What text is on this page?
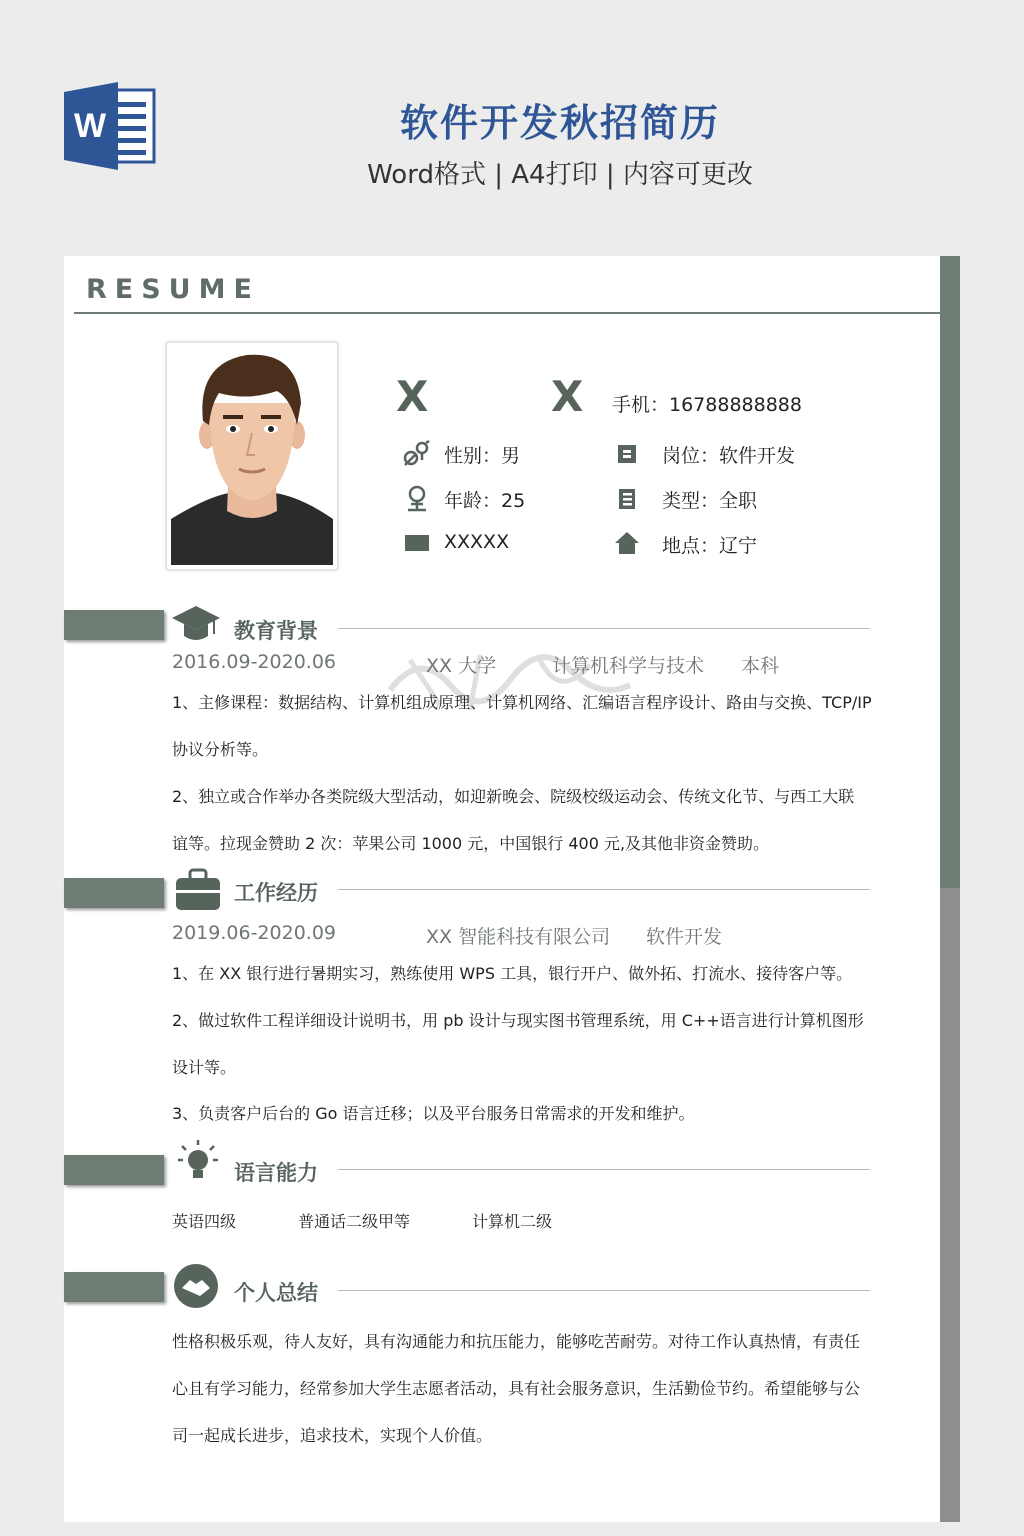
W	软件开发秋招简历
Word格式 | A4打印 | 内容可更改
RESUME
X X
手机：16788888888
性别：男	岗位：软件开发
年龄：25	类型：全职
XXXXX	地点：辽宁
教育背景
2016.09-2020.06	XX 大学	计算机科学与技术 本科
1、主修课程：数据结构、计算机组成原理、计算机网络、汇编语言程序设计、路由与交换、TCP/IP
协议分析等。
2、独立或合作举办各类院级大型活动，如迎新晚会、院级校级运动会、传统文化节、与西工大联
谊等。拉现金赞助 2 次：苹果公司 1000 元，中国银行 400 元,及其他非资金赞助。
工作经历
2019.06-2020.09	XX 智能科技有限公司 软件开发
1、在 XX 银行进行暑期实习，熟练使用 WPS 工具，银行开户、做外拓、打流水、接待客户等。
2、做过软件工程详细设计说明书，用 pb 设计与现实图书管理系统，用 C++语言进行计算机图形
设计等。
3、负责客户后台的 Go 语言迁移；以及平台服务日常需求的开发和维护。
语言能力
英语四级	普通话二级甲等	计算机二级
个人总结
性格积极乐观，待人友好，具有沟通能力和抗压能力，能够吃苦耐劳。对待工作认真热情，有责任
心且有学习能力，经常参加大学生志愿者活动，具有社会服务意识，生活勤俭节约。希望能够与公
司一起成长进步，追求技术，实现个人价值。
